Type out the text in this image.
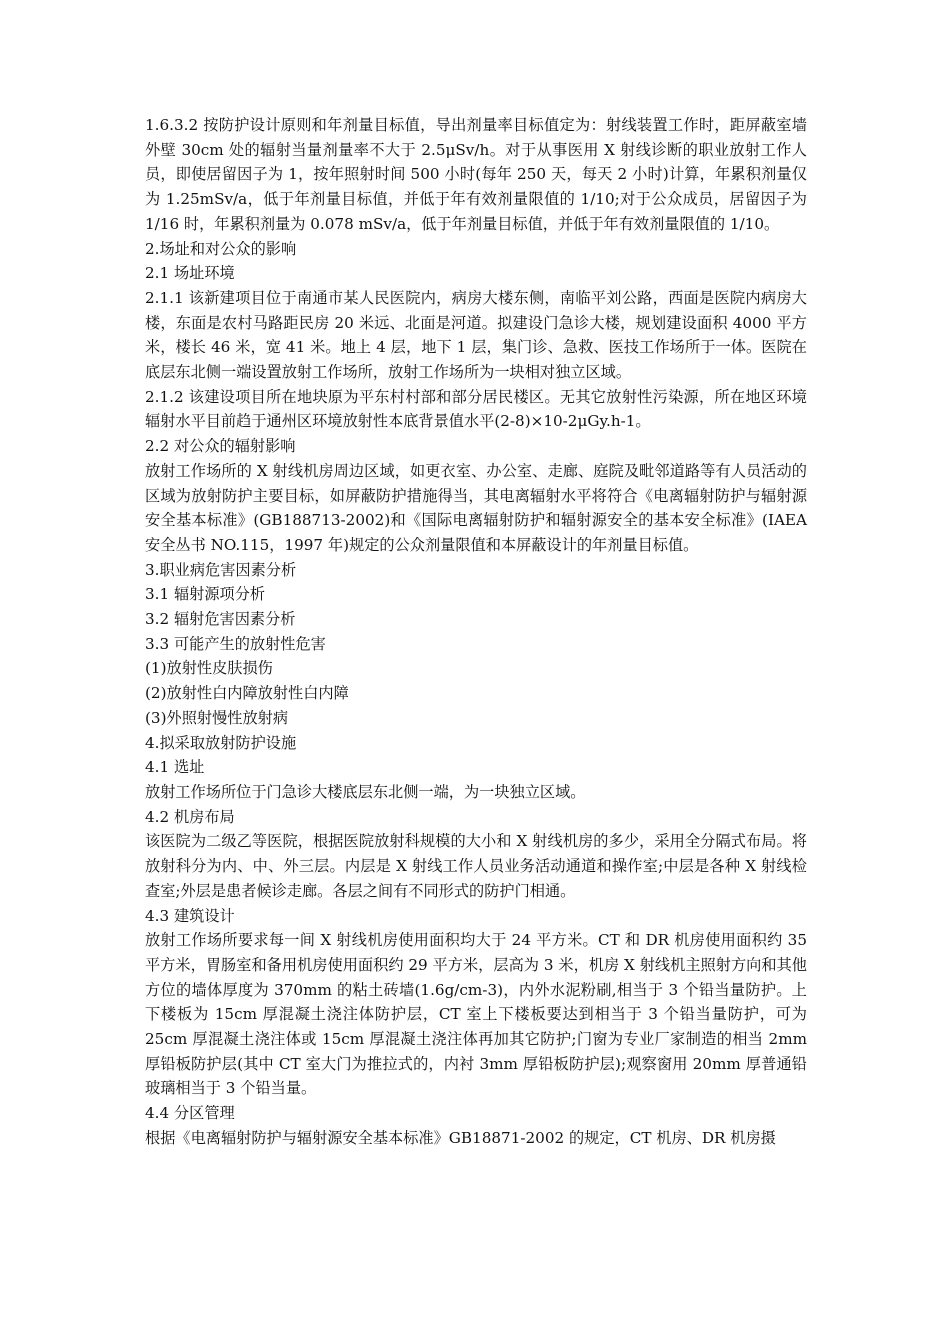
1.6.3.2 按防护设计原则和年剂量目标值，导出剂量率目标值定为：射线装置工作时，距屏蔽室墙外壁 30cm 处的辐射当量剂量率不大于 2.5μSv/h。对于从事医用 X 射线诊断的职业放射工作人员，即使居留因子为 1，按年照射时间 500 小时(每年 250 天，每天 2 小时)计算，年累积剂量仅为 1.25mSv/a，低于年剂量目标值，并低于年有效剂量限值的 1/10;对于公众成员，居留因子为 1/16 时，年累积剂量为 0.078 mSv/a，低于年剂量目标值，并低于年有效剂量限值的 1/10。

2.场址和对公众的影响

2.1 场址环境

2.1.1 该新建项目位于南通市某人民医院内，病房大楼东侧，南临平刘公路，西面是医院内病房大楼，东面是农村马路距民房 20 米远、北面是河道。拟建设门急诊大楼，规划建设面积 4000 平方米，楼长 46 米，宽 41 米。地上 4 层，地下 1 层，集门诊、急救、医技工作场所于一体。医院在底层东北侧一端设置放射工作场所，放射工作场所为一块相对独立区域。

2.1.2 该建设项目所在地块原为平东村村部和部分居民楼区。无其它放射性污染源，所在地区环境辐射水平目前趋于通州区环境放射性本底背景值水平(2-8)×10-2μGy.h-1。

2.2 对公众的辐射影响

放射工作场所的 X 射线机房周边区域，如更衣室、办公室、走廊、庭院及毗邻道路等有人员活动的区域为放射防护主要目标，如屏蔽防护措施得当，其电离辐射水平将符合《电离辐射防护与辐射源安全基本标准》(GB188713-2002)和《国际电离辐射防护和辐射源安全的基本安全标准》(IAEA 安全丛书 NO.115，1997 年)规定的公众剂量限值和本屏蔽设计的年剂量目标值。

3.职业病危害因素分析

3.1 辐射源项分析

3.2 辐射危害因素分析

3.3 可能产生的放射性危害

(1)放射性皮肤损伤

(2)放射性白内障放射性白内障

(3)外照射慢性放射病

4.拟采取放射防护设施

4.1 选址

放射工作场所位于门急诊大楼底层东北侧一端，为一块独立区域。

4.2 机房布局

该医院为二级乙等医院，根据医院放射科规模的大小和 X 射线机房的多少，采用全分隔式布局。将放射科分为内、中、外三层。内层是 X 射线工作人员业务活动通道和操作室;中层是各种 X 射线检查室;外层是患者候诊走廊。各层之间有不同形式的防护门相通。

4.3 建筑设计

放射工作场所要求每一间 X 射线机房使用面积均大于 24 平方米。CT 和 DR 机房使用面积约 35 平方米，胃肠室和备用机房使用面积约 29 平方米，层高为 3 米，机房 X 射线机主照射方向和其他方位的墙体厚度为 370mm 的粘土砖墙(1.6g/cm-3)，内外水泥粉刷,相当于 3 个铅当量防护。上下楼板为 15cm 厚混凝土浇注体防护层，CT 室上下楼板要达到相当于 3 个铅当量防护，可为 25cm 厚混凝土浇注体或 15cm 厚混凝土浇注体再加其它防护;门窗为专业厂家制造的相当 2mm 厚铅板防护层(其中 CT 室大门为推拉式的，内衬 3mm 厚铅板防护层);观察窗用 20mm 厚普通铅玻璃相当于 3 个铅当量。

4.4 分区管理

根据《电离辐射防护与辐射源安全基本标准》GB18871-2002 的规定，CT 机房、DR 机房摄
